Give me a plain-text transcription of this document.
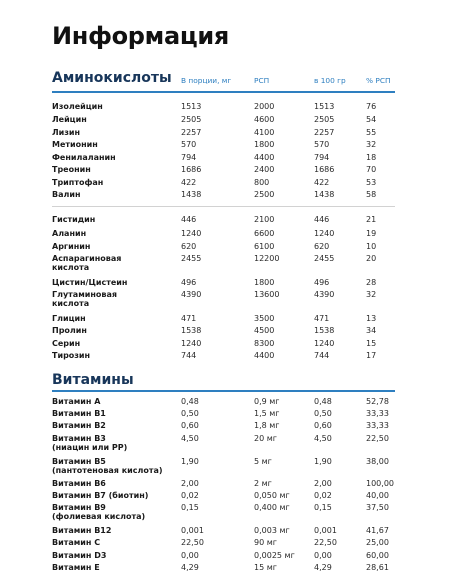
Информация
Аминокислоты В порции, мг	РСП	в 100 гр	% РСП
Изолейцин	1513	2000	1513	76
Лейцин	2505	4600	2505	54
Лизин	2257	4100	2257	55
Метионин	570	1800	570	32
Фенилаланин	794	4400	794	18
Треонин	1686	2400	1686	70
Триптофан	422	800	422	53
Валин	1438	2500	1438	58
Гистидин	446	2100	446	21
Аланин	1240	6600	1240	19
Аргинин	620	6100	620	10
Аспарагиновая
кислота
2455	12200	2455	20
Цистин/Цистеин	496	1800	496	28
Глутаминовая
кислота
4390	13600	4390	32
Глицин	471	3500	471	13
Пролин	1538	4500	1538	34
Серин	1240	8300	1240	15
Тирозин	744	4400	744	17
Витамины
Витамин А	0,48	0,9 мг	0,48	52,78
Витамин В1	0,50	1,5 мг	0,50	33,33
Витамин В2	0,60	1,8 мг	0,60	33,33
Витамин В3
(ниацин или РР)
4,50	20 мг	4,50	22,50
Витамин В5
(пантотеновая кислота)
1,90	5 мг	1,90	38,00
Витамин В6	2,00	2 мг	2,00	100,00
Витамин В7 (биотин)	0,02	0,050 мг	0,02	40,00
Витамин В9
(фолиевая кислота)
0,15	0,400 мг	0,15	37,50
Витамин В12	0,001	0,003 мг	0,001	41,67
Витамин С	22,50	90 мг	22,50	25,00
Витамин D3	0,00	0,0025 мг 0,00	60,00
Витамин Е	4,29	15 мг	4,29	28,61
